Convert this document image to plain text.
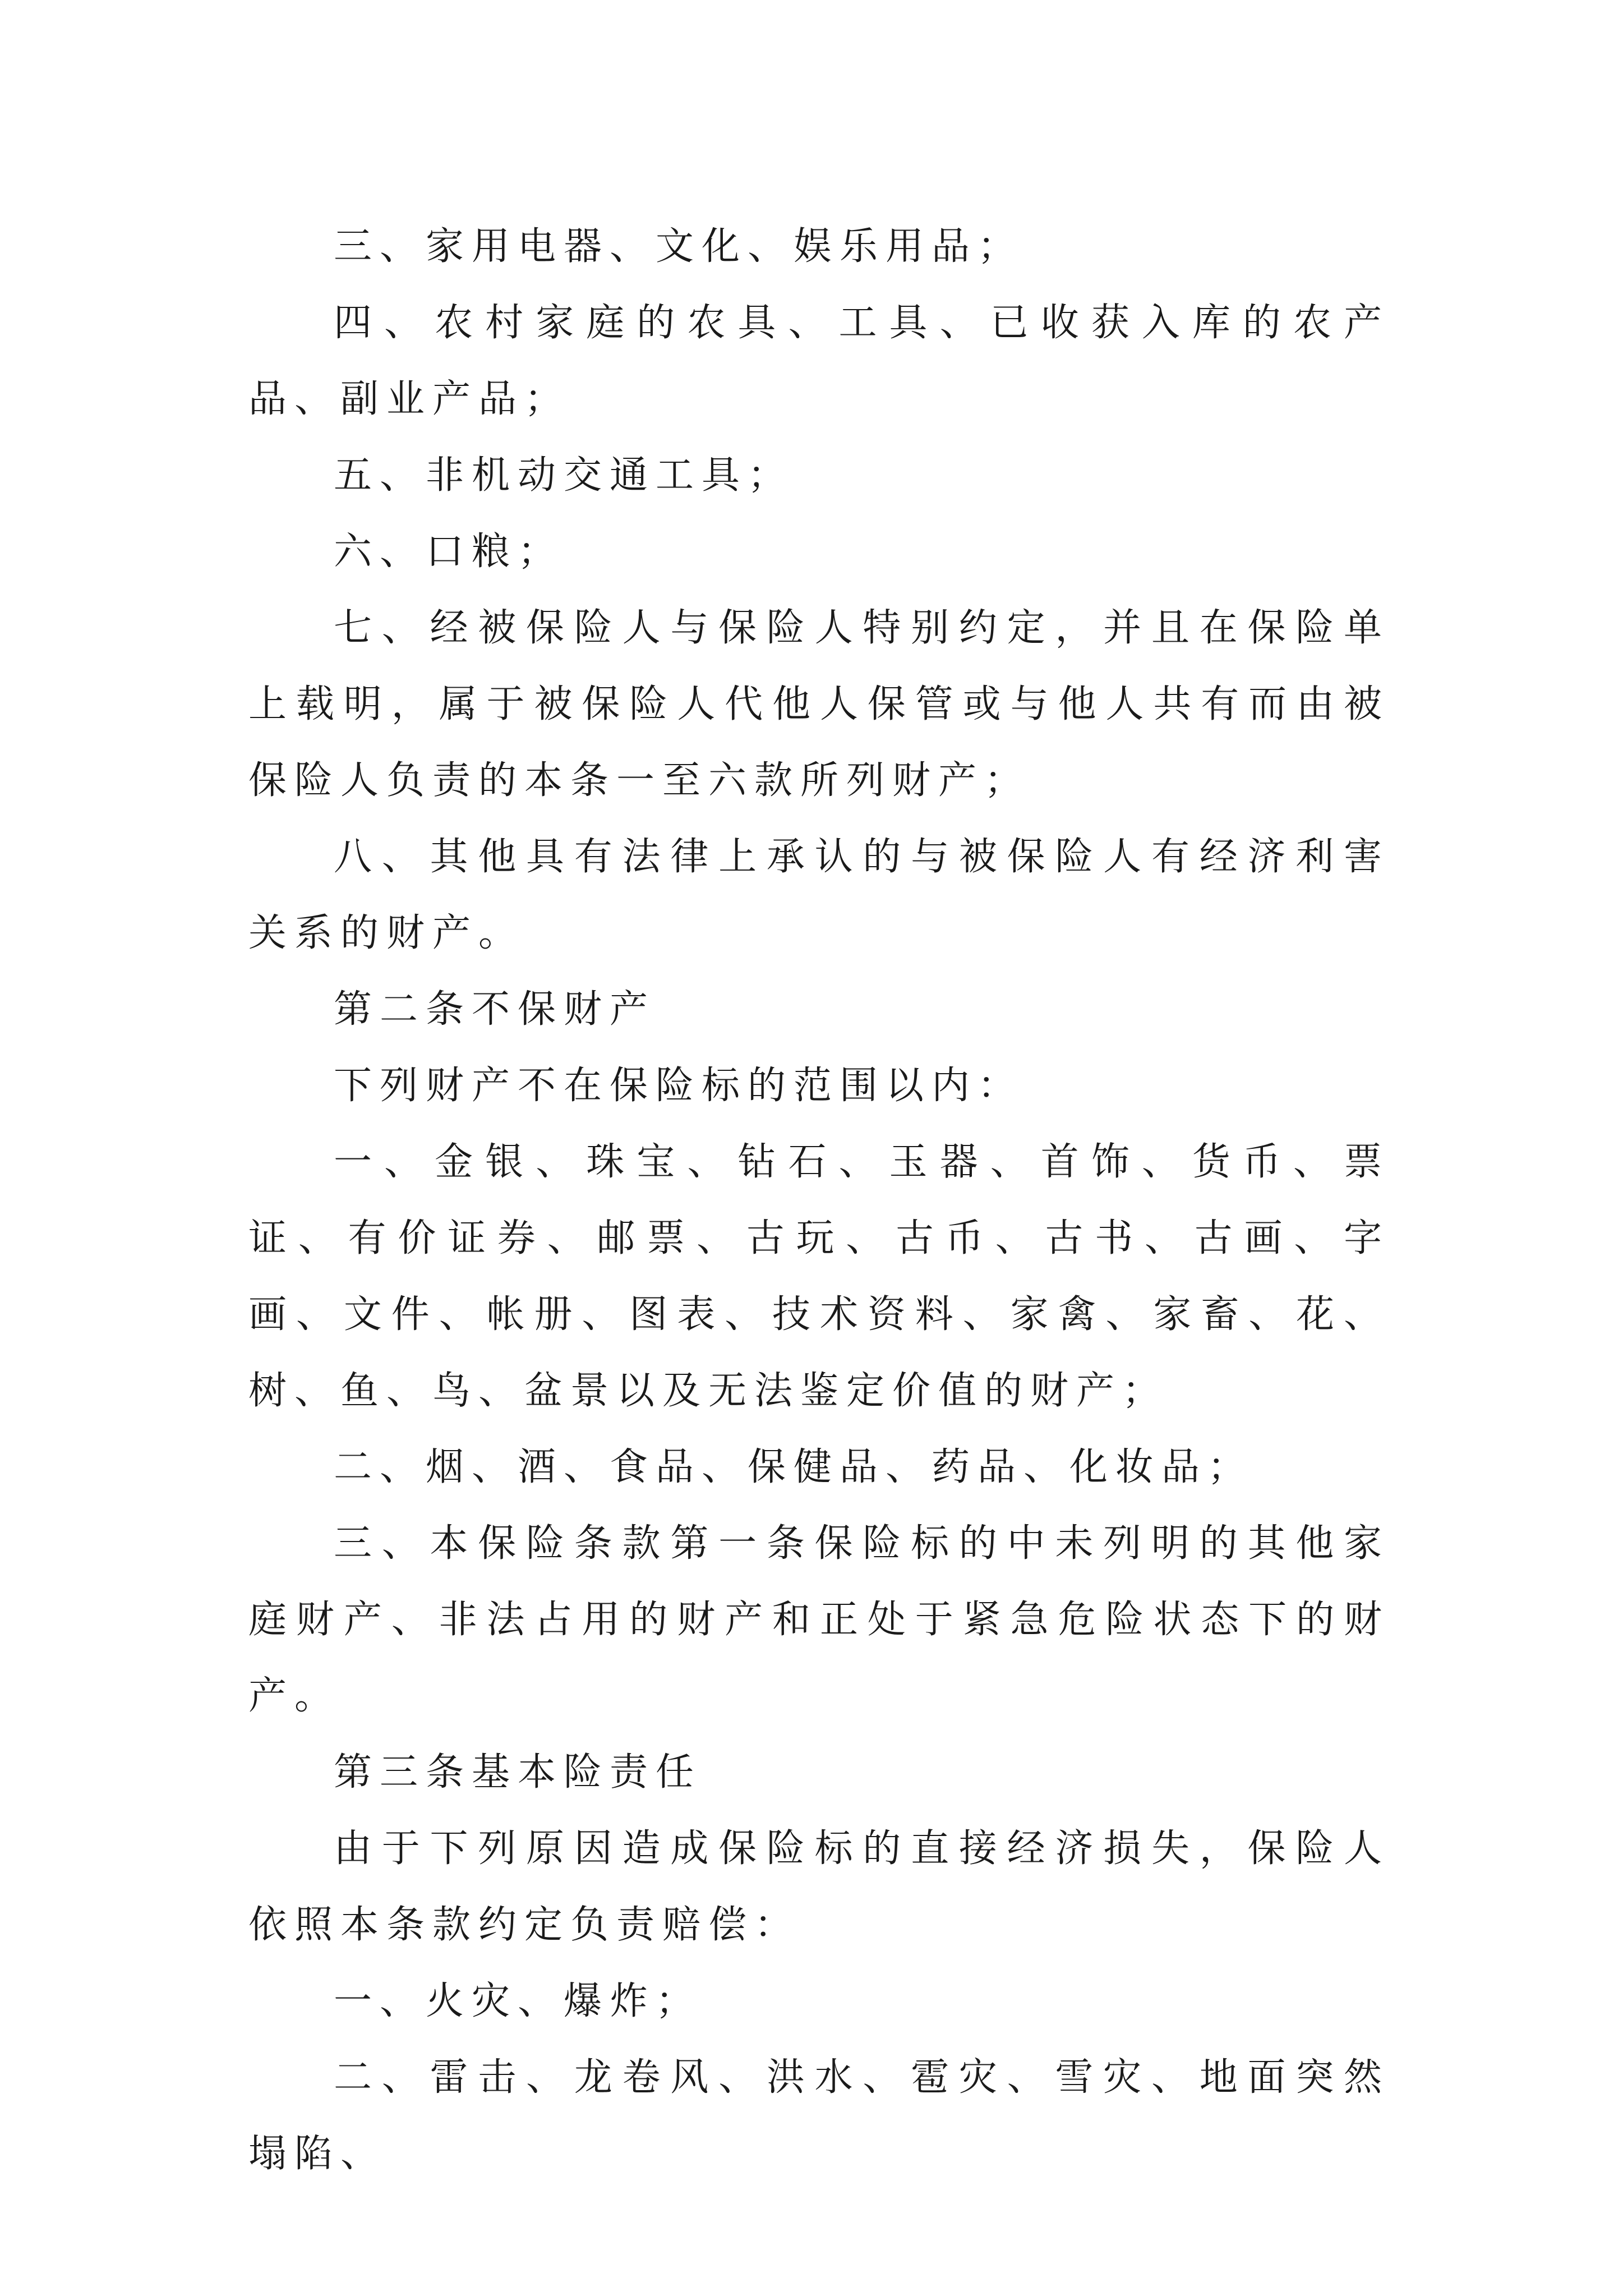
三、家用电器、文化、娱乐用品；

四、农村家庭的农具、工具、已收获入库的农产品、副业产品；

五、非机动交通工具；

六、口粮；

七、经被保险人与保险人特别约定，并且在保险单上载明，属于被保险人代他人保管或与他人共有而由被保险人负责的本条一至六款所列财产；

八、其他具有法律上承认的与被保险人有经济利害关系的财产。

第二条不保财产

下列财产不在保险标的范围以内：

一、金银、珠宝、钻石、玉器、首饰、货币、票证、有价证券、邮票、古玩、古币、古书、古画、字画、文件、帐册、图表、技术资料、家禽、家畜、花、树、鱼、鸟、盆景以及无法鉴定价值的财产；

二、烟、酒、食品、保健品、药品、化妆品；

三、本保险条款第一条保险标的中未列明的其他家庭财产、非法占用的财产和正处于紧急危险状态下的财产。

第三条基本险责任

由于下列原因造成保险标的直接经济损失，保险人依照本条款约定负责赔偿：

一、火灾、爆炸；

二、雷击、龙卷风、洪水、雹灾、雪灾、地面突然塌陷、
